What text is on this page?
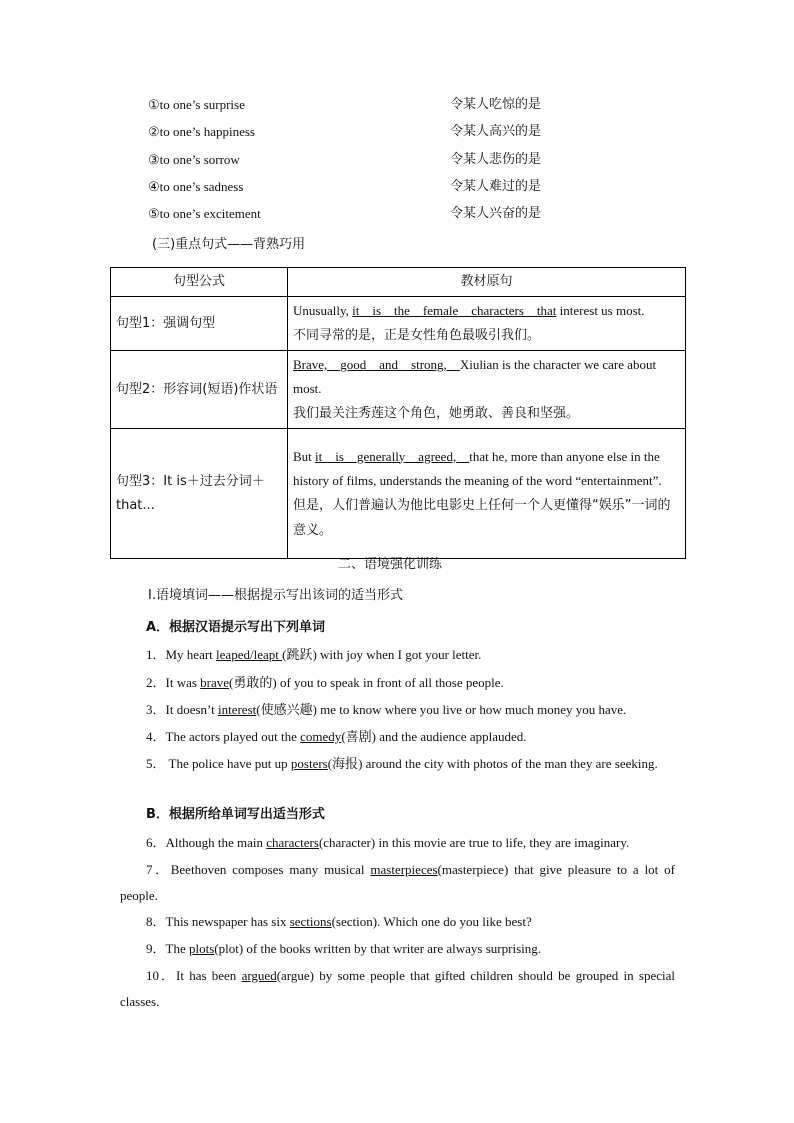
①to one’s surprise	令某人吃惊的是
②to one’s happiness	令某人高兴的是
③to one’s sorrow	令某人悲伤的是
④to one’s sadness	令某人难过的是
⑤to one’s excitement	令某人兴奋的是
(三)重点句式——背熟巧用
句型公式	教材原句
句型1：强调句型	Unusually, it__is__the__female__characters__that interest us most.
不同寻常的是，正是女性角色最吸引我们。
句型2：形容词(短语)作状语	Brave,__good__and__strong,__Xiulian is the character we care about most.
我们最关注秀莲这个角色，她勇敢、善良和坚强。
句型3：It is＋过去分词＋that...	But it__is__generally__agreed,__that he, more than anyone else in the history of films, understands the meaning of the word “entertainment”.
但是，人们普遍认为他比电影史上任何一个人更懂得“娱乐”一词的意义。
二、语境强化训练
Ⅰ.语境填词——根据提示写出该词的适当形式
A．根据汉语提示写出下列单词
1．My heart leaped/leapt (跳跃) with joy when I got your letter.
2．It was brave(勇敢的) of you to speak in front of all those people.
3．It doesn’t interest(使感兴趣) me to know where you live or how much money you have.
4．The actors played out the comedy(喜剧) and the audience applauded.
5． The police have put up posters(海报) around the city with photos of the man they are seeking.
B．根据所给单词写出适当形式
6．Although the main characters(character) in this movie are true to life, they are imaginary.
7．Beethoven composes many musical masterpieces(masterpiece) that give pleasure to a lot of people.
8．This newspaper has six sections(section). Which one do you like best?
9．The plots(plot) of the books written by that writer are always surprising.
10．It has been argued(argue) by some people that gifted children should be grouped in special classes.
